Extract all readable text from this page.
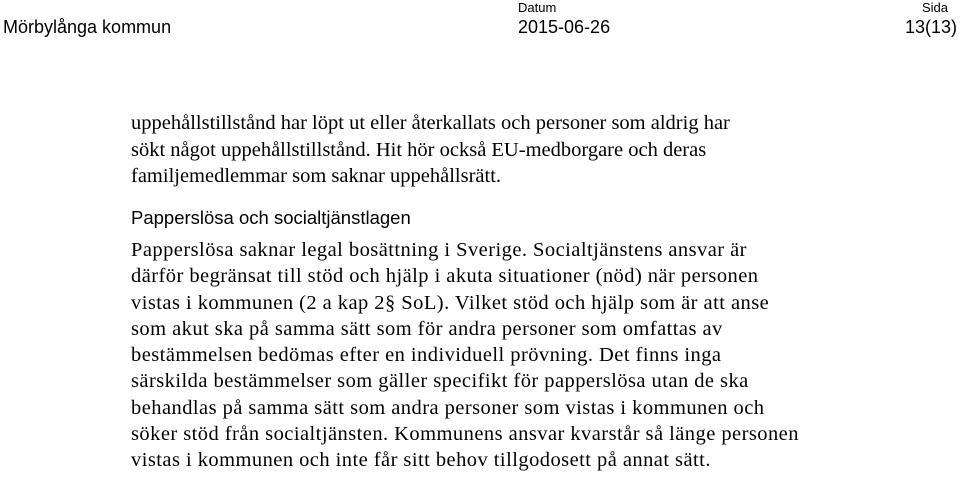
Mörbylånga kommun
Datum
2015-06-26
Sida
13(13)

uppehållstillstånd har löpt ut eller återkallats och personer som aldrig har
sökt något uppehållstillstånd. Hit hör också EU-medborgare och deras
familjemedlemmar som saknar uppehållsrätt.

Papperslösa och socialtjänstlagen

Papperslösa saknar legal bosättning i Sverige. Socialtjänstens ansvar är
därför begränsat till stöd och hjälp i akuta situationer (nöd) när personen
vistas i kommunen (2 a kap 2§ SoL). Vilket stöd och hjälp som är att anse
som akut ska på samma sätt som för andra personer som omfattas av
bestämmelsen bedömas efter en individuell prövning. Det finns inga
särskilda bestämmelser som gäller specifikt för papperslösa utan de ska
behandlas på samma sätt som andra personer som vistas i kommunen och
söker stöd från socialtjänsten. Kommunens ansvar kvarstår så länge personen
vistas i kommunen och inte får sitt behov tillgodosett på annat sätt.
